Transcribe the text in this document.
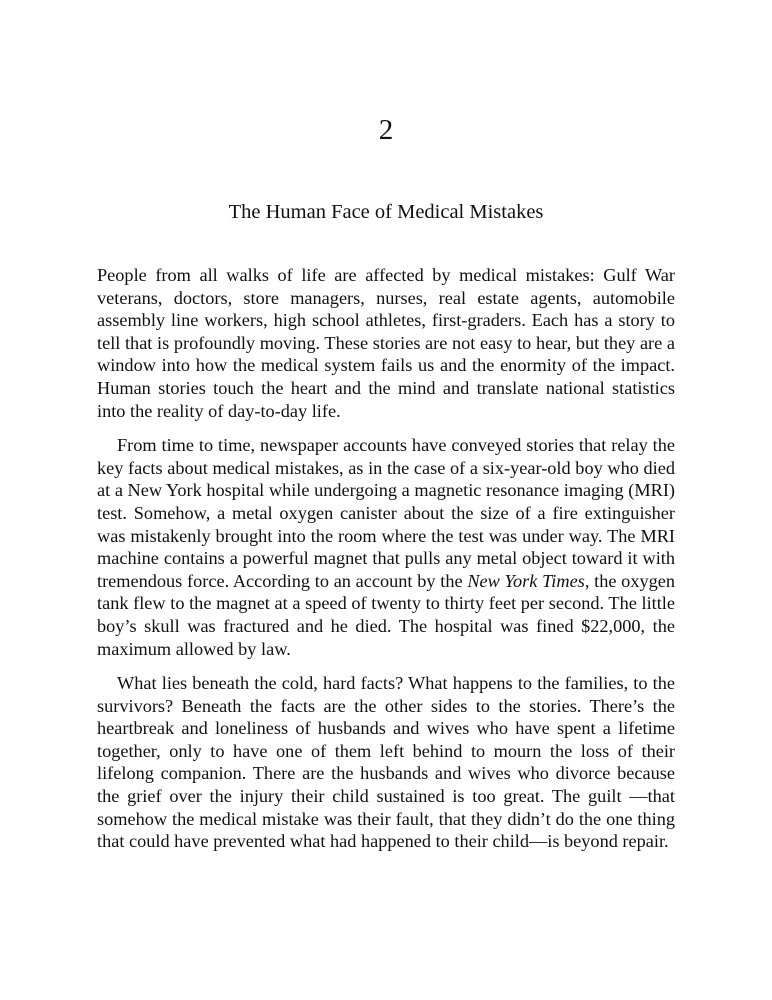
2
The Human Face of Medical Mistakes

People from all walks of life are affected by medical mistakes: Gulf War veterans, doctors, store managers, nurses, real estate agents, automobile assembly line workers, high school athletes, first-graders. Each has a story to tell that is profoundly moving. These stories are not easy to hear, but they are a window into how the medical system fails us and the enormity of the impact. Human stories touch the heart and the mind and translate national statistics into the reality of day-to-day life.

From time to time, newspaper accounts have conveyed stories that relay the key facts about medical mistakes, as in the case of a six-year-old boy who died at a New York hospital while undergoing a magnetic resonance imaging (MRI) test. Somehow, a metal oxygen canister about the size of a fire extinguisher was mistakenly brought into the room where the test was under way. The MRI machine contains a powerful magnet that pulls any metal object toward it with tremendous force. According to an account by the New York Times, the oxygen tank flew to the magnet at a speed of twenty to thirty feet per second. The little boy’s skull was fractured and he died. The hospital was fined $22,000, the maximum allowed by law.

What lies beneath the cold, hard facts? What happens to the families, to the survivors? Beneath the facts are the other sides to the stories. There’s the heartbreak and loneliness of husbands and wives who have spent a lifetime together, only to have one of them left behind to mourn the loss of their lifelong companion. There are the husbands and wives who divorce because the grief over the injury their child sustained is too great. The guilt —that somehow the medical mistake was their fault, that they didn’t do the one thing that could have prevented what had happened to their child—is beyond repair.
